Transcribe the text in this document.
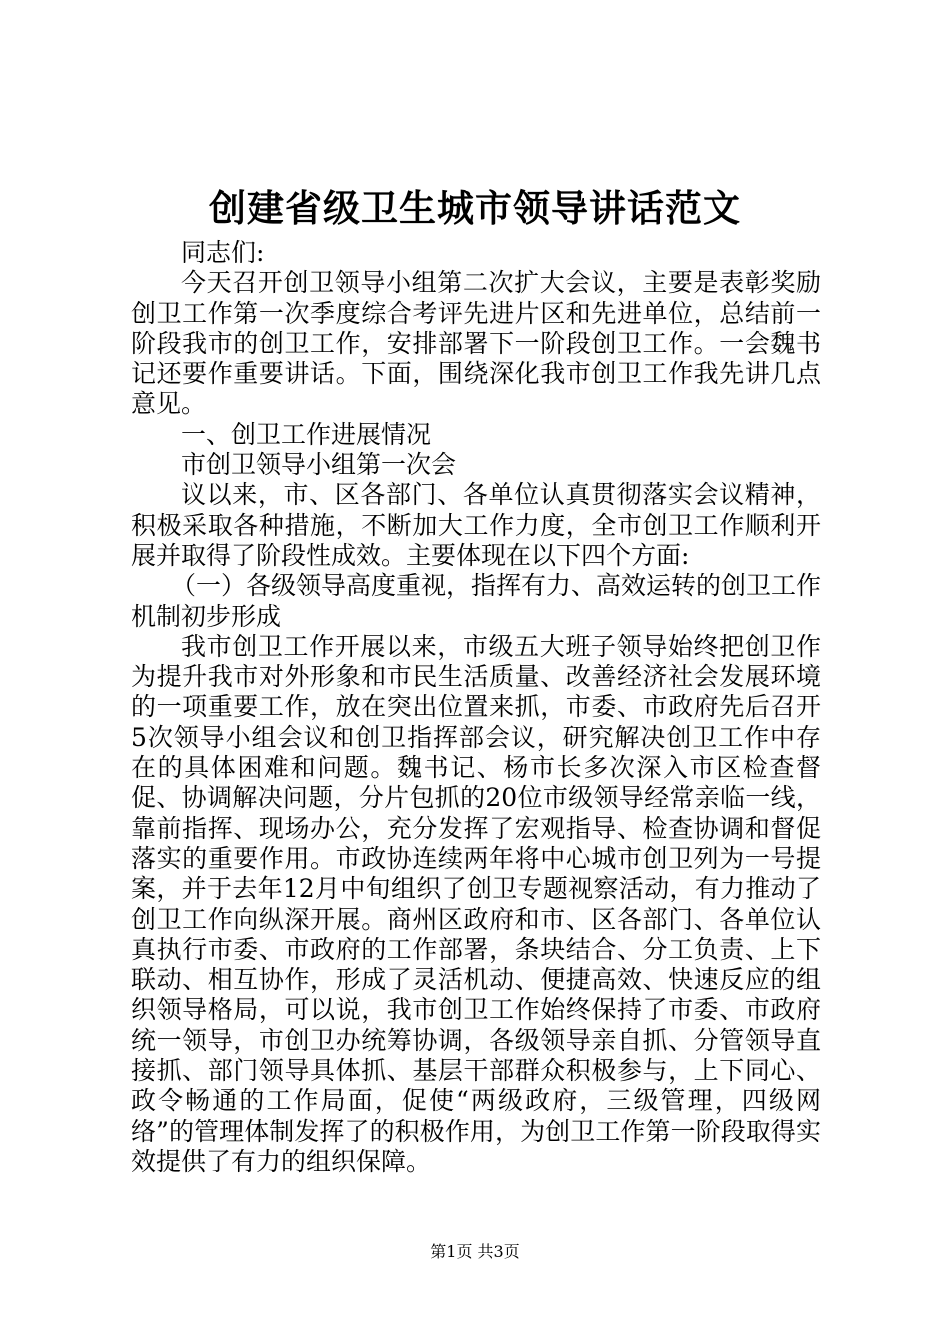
创建省级卫生城市领导讲话范文

同志们:

今天召开创卫领导小组第二次扩大会议，主要是表彰奖励创卫工作第一次季度综合考评先进片区和先进单位，总结前一阶段我市的创卫工作，安排部署下一阶段创卫工作。一会魏书记还要作重要讲话。下面，围绕深化我市创卫工作我先讲几点意见。

一、创卫工作进展情况

市创卫领导小组第一次会

议以来，市、区各部门、各单位认真贯彻落实会议精神，积极采取各种措施，不断加大工作力度，全市创卫工作顺利开展并取得了阶段性成效。主要体现在以下四个方面:

（一）各级领导高度重视，指挥有力、高效运转的创卫工作机制初步形成

我市创卫工作开展以来，市级五大班子领导始终把创卫作为提升我市对外形象和市民生活质量、改善经济社会发展环境的一项重要工作，放在突出位置来抓，市委、市政府先后召开5次领导小组会议和创卫指挥部会议，研究解决创卫工作中存在的具体困难和问题。魏书记、杨市长多次深入市区检查督促、协调解决问题，分片包抓的20位市级领导经常亲临一线，靠前指挥、现场办公，充分发挥了宏观指导、检查协调和督促落实的重要作用。市政协连续两年将中心城市创卫列为一号提案，并于去年12月中旬组织了创卫专题视察活动，有力推动了创卫工作向纵深开展。商州区政府和市、区各部门、各单位认真执行市委、市政府的工作部署，条块结合、分工负责、上下联动、相互协作，形成了灵活机动、便捷高效、快速反应的组织领导格局，可以说，我市创卫工作始终保持了市委、市政府统一领导，市创卫办统筹协调，各级领导亲自抓、分管领导直接抓、部门领导具体抓、基层干部群众积极参与，上下同心、政令畅通的工作局面，促使“两级政府，三级管理，四级网络”的管理体制发挥了的积极作用，为创卫工作第一阶段取得实效提供了有力的组织保障。

第1页 共3页
